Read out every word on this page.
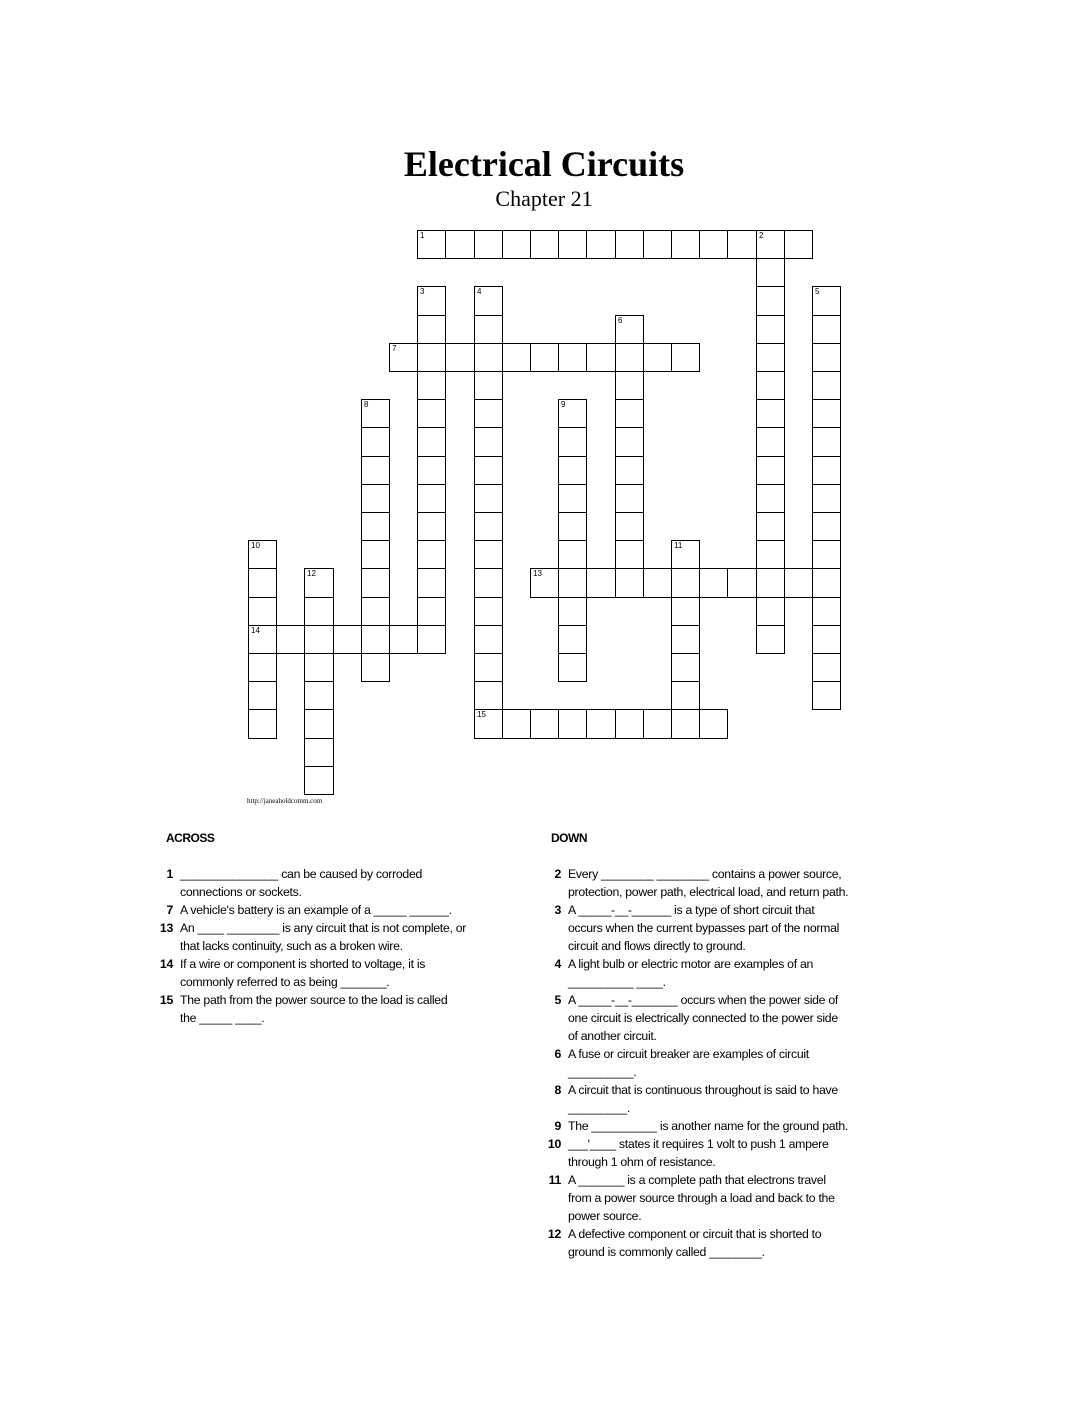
Electrical Circuits
Chapter 21
1	2
3	4	5
6
7
8	9
10
14
11
12	13
15
http://janeaholdcomm.com
ACROSS	DOWN
1 _______________ can be caused by corroded
connections or sockets.
7 A vehicle's battery is an example of a _____ ______.
13 An ____ ________ is any circuit that is not complete, or
that lacks continuity, such as a broken wire.
14 If a wire or component is shorted to voltage, it is
commonly referred to as being _______.
15 The path from the power source to the load is called
the _____ ____.
2 Every ________ ________ contains a power source,
protection, power path, electrical load, and return path.
3 A _____-__-______ is a type of short circuit that
occurs when the current bypasses part of the normal
circuit and flows directly to ground.
4 A light bulb or electric motor are examples of an
__________ ____.
5 A _____-__-_______ occurs when the power side of
one circuit is electrically connected to the power side
of another circuit.
6 A fuse or circuit breaker are examples of circuit
__________.
8 A circuit that is continuous throughout is said to have
_________.
9 The __________ is another name for the ground path.
10 ___'____ states it requires 1 volt to push 1 ampere
through 1 ohm of resistance.
11 A _______ is a complete path that electrons travel
from a power source through a load and back to the
power source.
12 A defective component or circuit that is shorted to
ground is commonly called ________.
